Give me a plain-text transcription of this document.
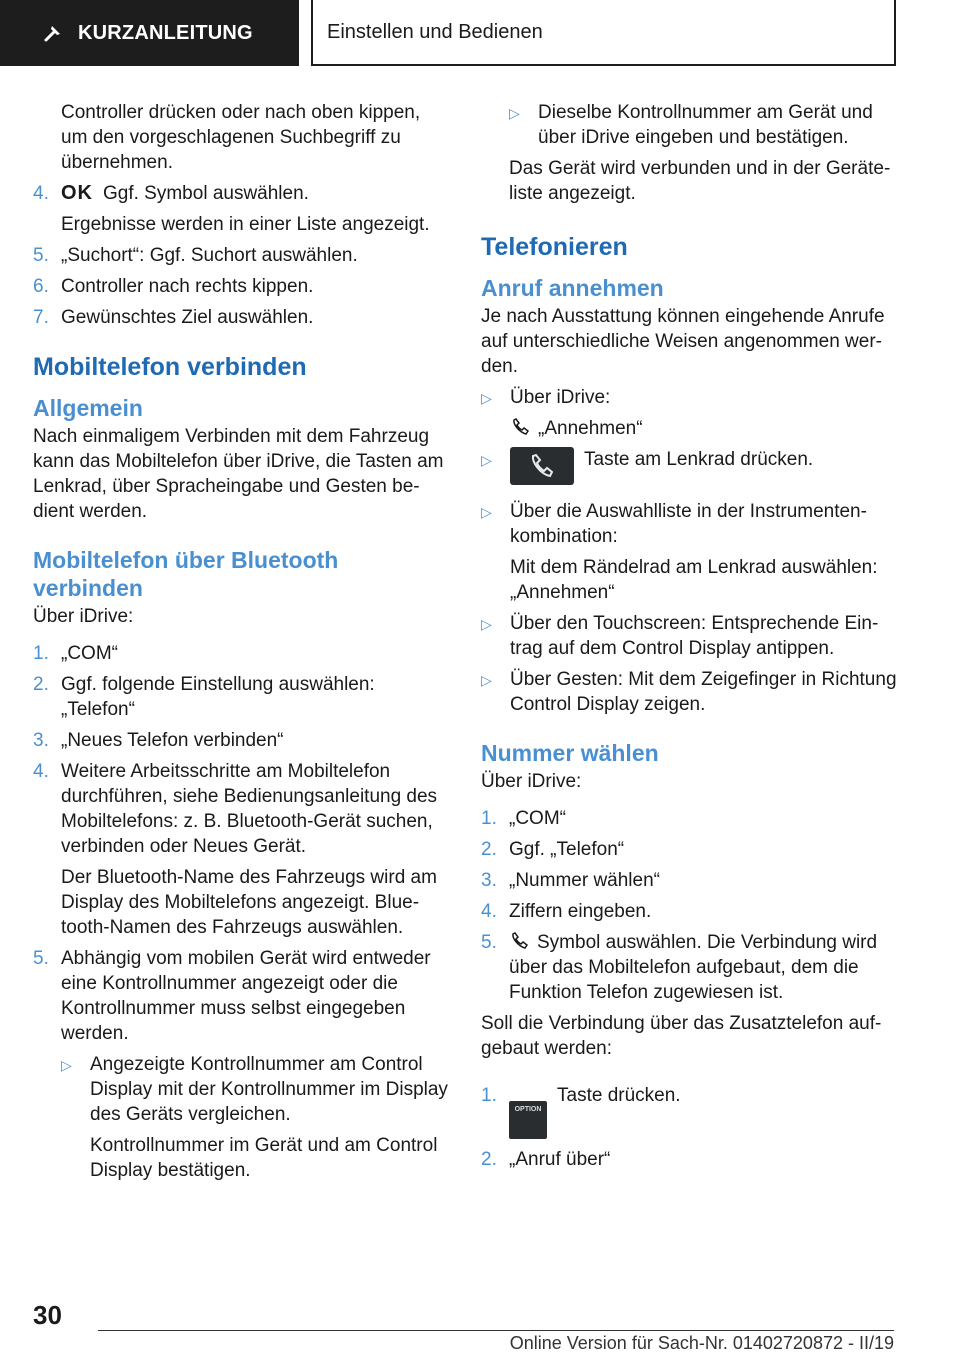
KURZANLEITUNG	Einstellen und Bedienen

Controller drücken oder nach oben kippen, um den vorgeschlagenen Suchbegriff zu übernehmen.

4. OK Ggf. Symbol auswählen.
Ergebnisse werden in einer Liste angezeigt.
5. „Suchort“: Ggf. Suchort auswählen.
6. Controller nach rechts kippen.
7. Gewünschtes Ziel auswählen.
Mobiltelefon verbinden
Allgemein

Nach einmaligem Verbinden mit dem Fahrzeug kann das Mobiltelefon über iDrive, die Tasten am Lenkrad, über Spracheingabe und Gesten bedient werden.

Mobiltelefon über Bluetooth verbinden

Über iDrive:

1. „COM“
2. Ggf. folgende Einstellung auswählen: „Telefon“
3. „Neues Telefon verbinden“
4. Weitere Arbeitsschritte am Mobiltelefon durchführen, siehe Bedienungsanleitung des Mobiltelefons: z. B. Bluetooth-Gerät suchen, verbinden oder Neues Gerät.
Der Bluetooth-Name des Fahrzeugs wird am Display des Mobiltelefons angezeigt. Bluetooth-Namen des Fahrzeugs auswählen.
5. Abhängig vom mobilen Gerät wird entweder eine Kontrollnummer angezeigt oder die Kontrollnummer muss selbst eingegeben werden.
▷ Angezeigte Kontrollnummer am Control Display mit der Kontrollnummer im Display des Geräts vergleichen.
Kontrollnummer im Gerät und am Control Display bestätigen.
▷ Dieselbe Kontrollnummer am Gerät und über iDrive eingeben und bestätigen.

Das Gerät wird verbunden und in der Geräteliste angezeigt.

Telefonieren
Anruf annehmen

Je nach Ausstattung können eingehende Anrufe auf unterschiedliche Weisen angenommen werden.

▷ Über iDrive:
„Annehmen“
▷	Taste am Lenkrad drücken.
▷ Über die Auswahlliste in der Instrumentenkombination:
Mit dem Rändelrad am Lenkrad auswählen: „Annehmen“
▷ Über den Touchscreen: Entsprechende Eintrag auf dem Control Display antippen.
▷ Über Gesten: Mit dem Zeigefinger in Richtung Control Display zeigen.
Nummer wählen

Über iDrive:

1. „COM“
2. Ggf. „Telefon“
3. „Nummer wählen“
4. Ziffern eingeben.
5.	Symbol auswählen. Die Verbindung wird über das Mobiltelefon aufgebaut, dem die Funktion Telefon zugewiesen ist.

Soll die Verbindung über das Zusatztelefon aufgebaut werden:

1.
OPTIONTaste drücken.
2. „Anruf über“
30
Online Version für Sach-Nr. 01402720872 - II/19
